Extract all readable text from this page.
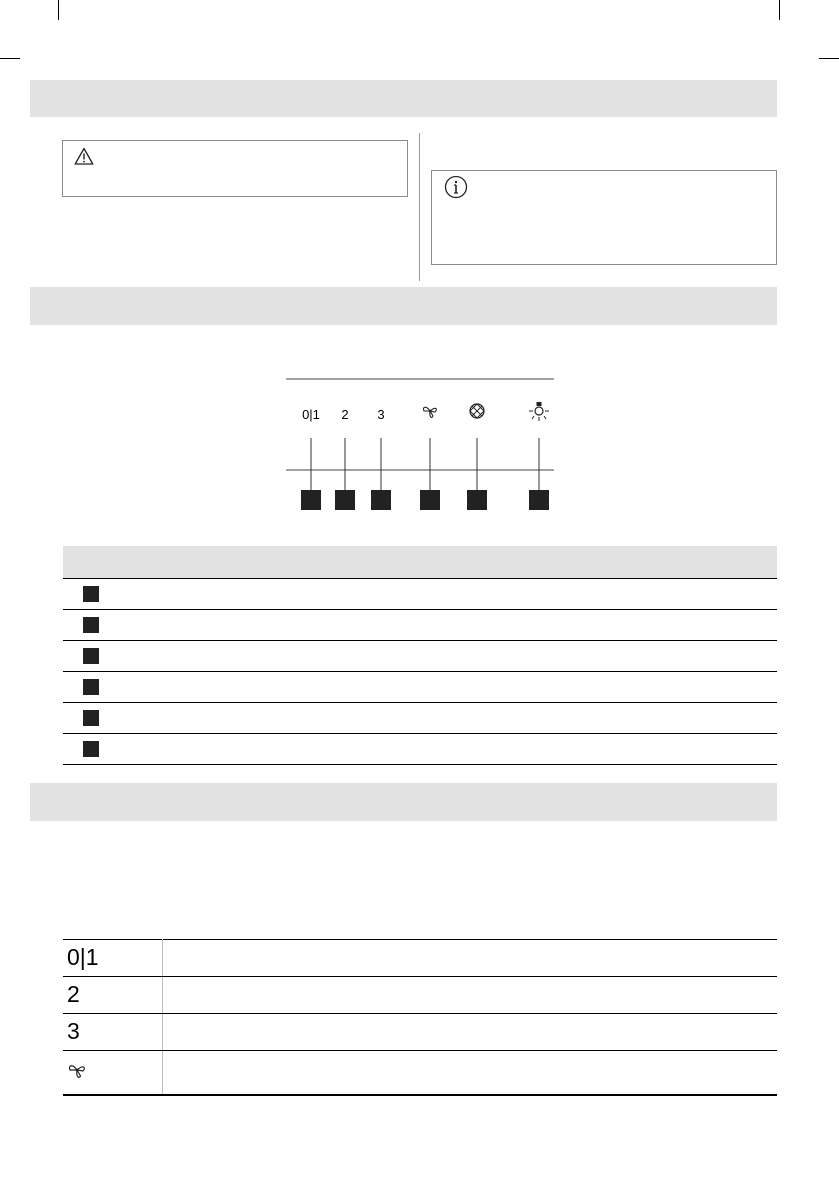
0|1 2 3

0|1	
2	
3	
